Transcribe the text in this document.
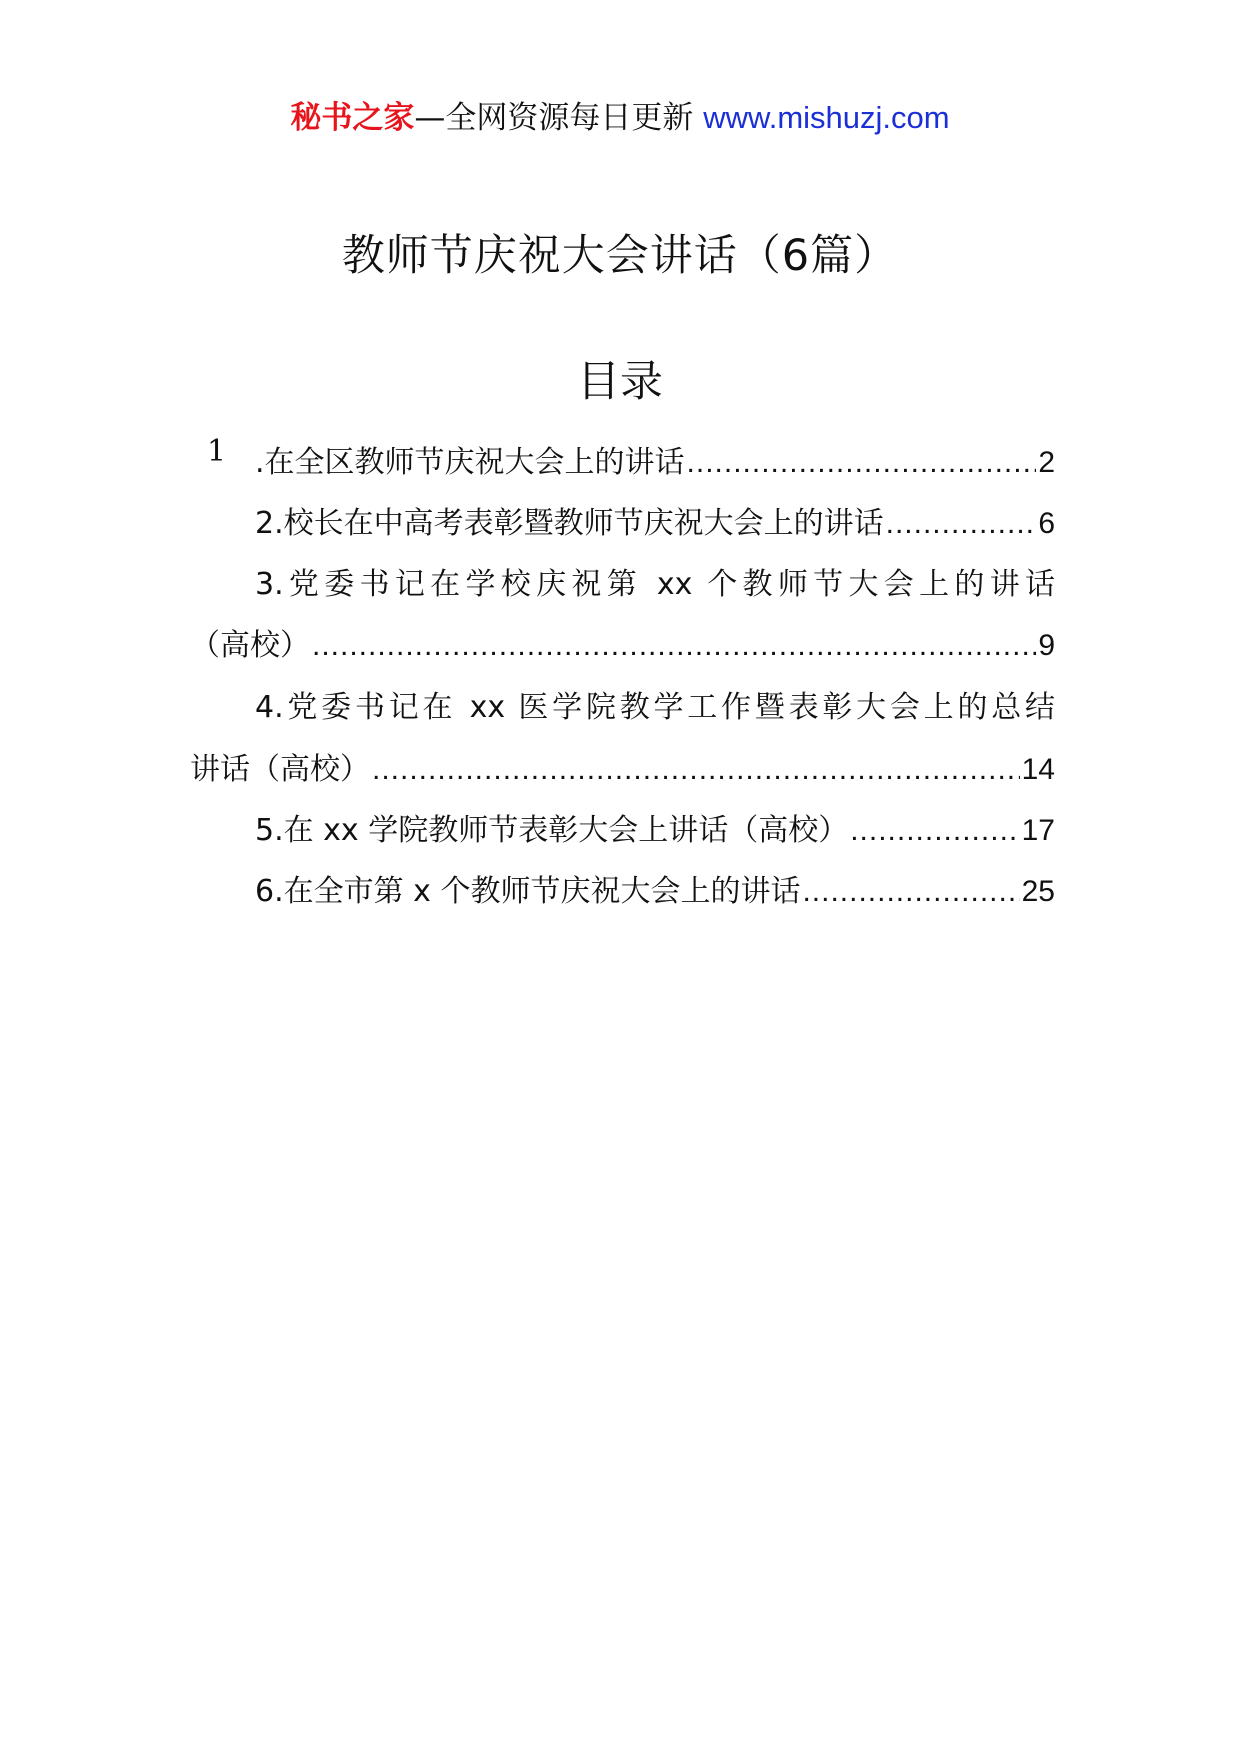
秘书之家—全网资源每日更新 www.mishuzj.com
教师节庆祝大会讲话（6篇）
目录
1 .在全区教师节庆祝大会上的讲话 .....	2
2.校长在中高考表彰暨教师节庆祝大会上的讲话 .....	6
3.党委书记在学校庆祝第 xx 个教师节大会上的讲话
（高校） .....	9
4.党委书记在 xx 医学院教学工作暨表彰大会上的总结
讲话（高校） .....	14
5.在 xx 学院教师节表彰大会上讲话（高校） .....	17
6.在全市第 x 个教师节庆祝大会上的讲话 .....	25
